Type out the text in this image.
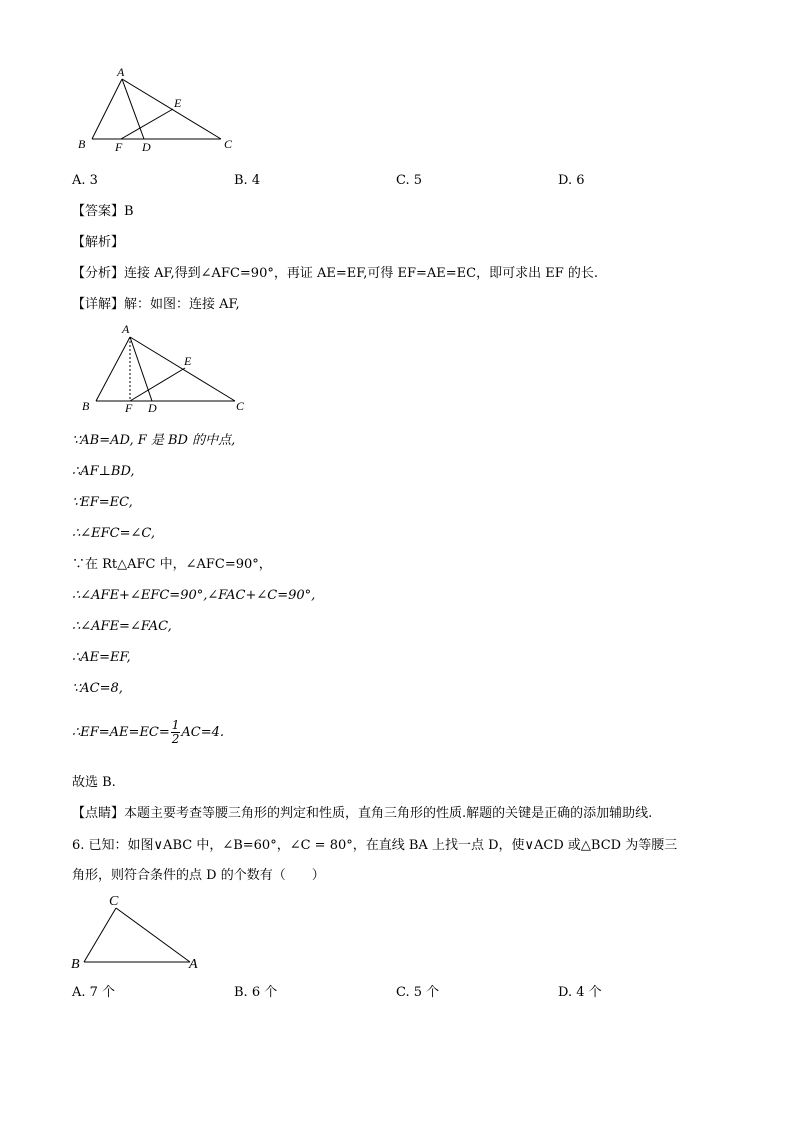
A
B	C
D
E
F
A. 3	B. 4	C. 5	D. 6
【答案】B
【解析】
【分析】连接 AF,得到∠AFC=90°，再证 AE=EF,可得 EF=AE=EC，即可求出 EF 的长.
【详解】解：如图：连接 AF,
A
B	C
D
E
F
∵AB=AD, F 是 BD 的中点,
∴AF⊥BD,
∵EF=EC,
∴∠EFC=∠C,
∵在 Rt△AFC 中，∠AFC=90°，
∴∠AFE+∠EFC=90°,∠FAC+∠C=90°,
∴∠AFE=∠FAC,
∴AE=EF,
∵AC=8,
∴EF=AE=EC= $\frac{1}{2} AC=4$.
故选 B.
【点睛】本题主要考查等腰三角形的判定和性质，直角三角形的性质.解题的关键是正确的添加辅助线.
6. 已知：如图∨ABC 中，∠B=60°，∠C = 80°，在直线 BA 上找一点 D，使∨ACD 或△BCD 为等腰三
角形，则符合条件的点 D 的个数有（　　）
C
B	A
A. 7 个	B. 6 个	C. 5 个	D. 4 个
